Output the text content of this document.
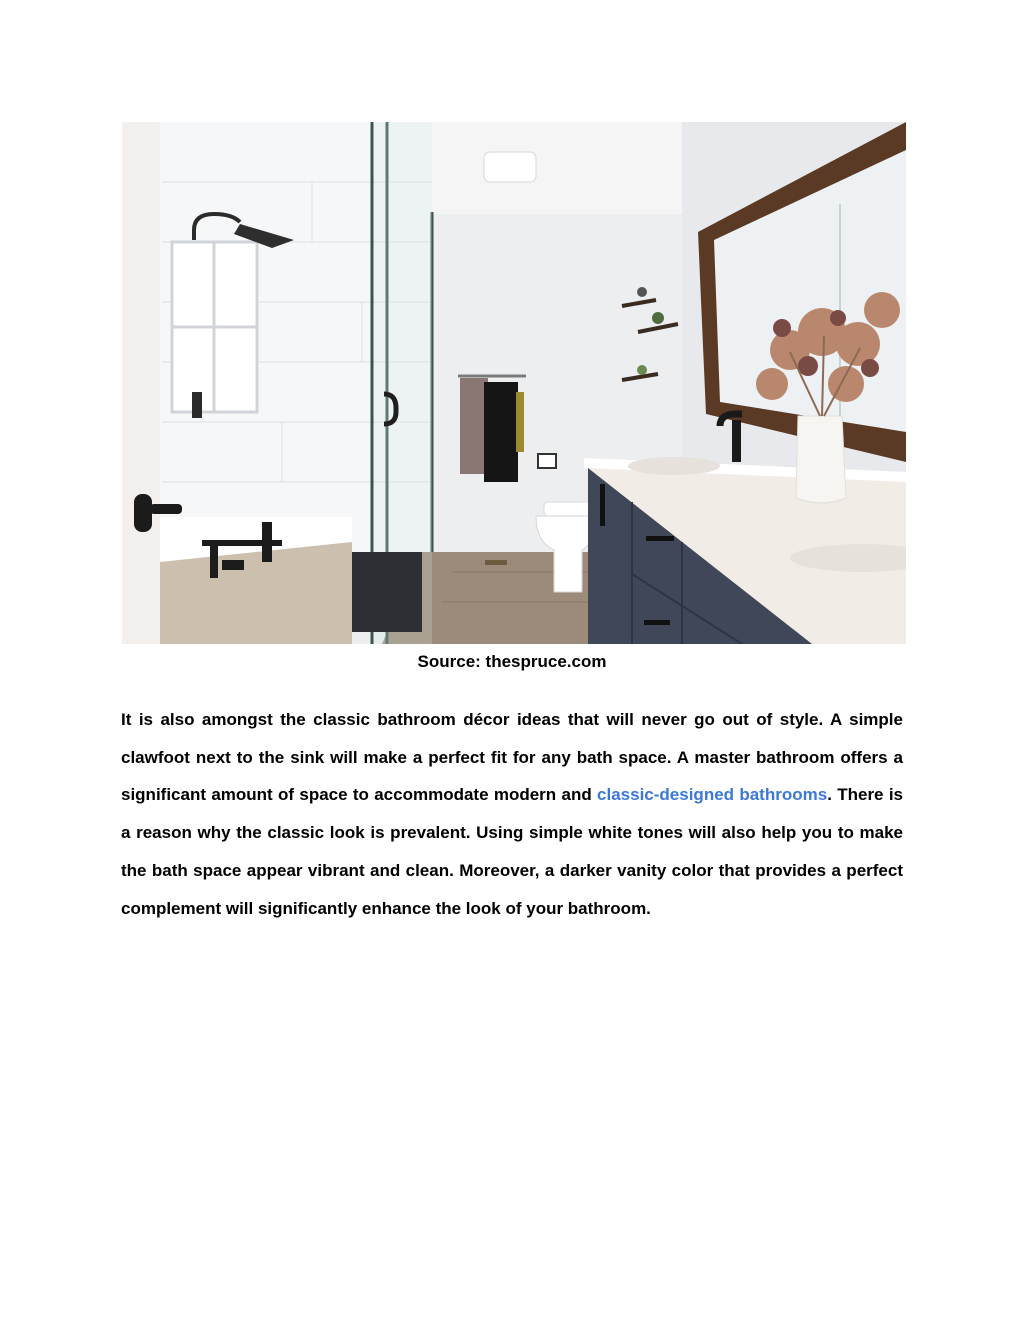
Source: thespruce.com

It is also amongst the classic bathroom décor ideas that will never go out of style. A simple clawfoot next to the sink will make a perfect fit for any bath space. A master bathroom offers a significant amount of space to accommodate modern and classic-designed bathrooms. There is a reason why the classic look is prevalent. Using simple white tones will also help you to make the bath space appear vibrant and clean. Moreover, a darker vanity color that provides a perfect complement will significantly enhance the look of your bathroom.
